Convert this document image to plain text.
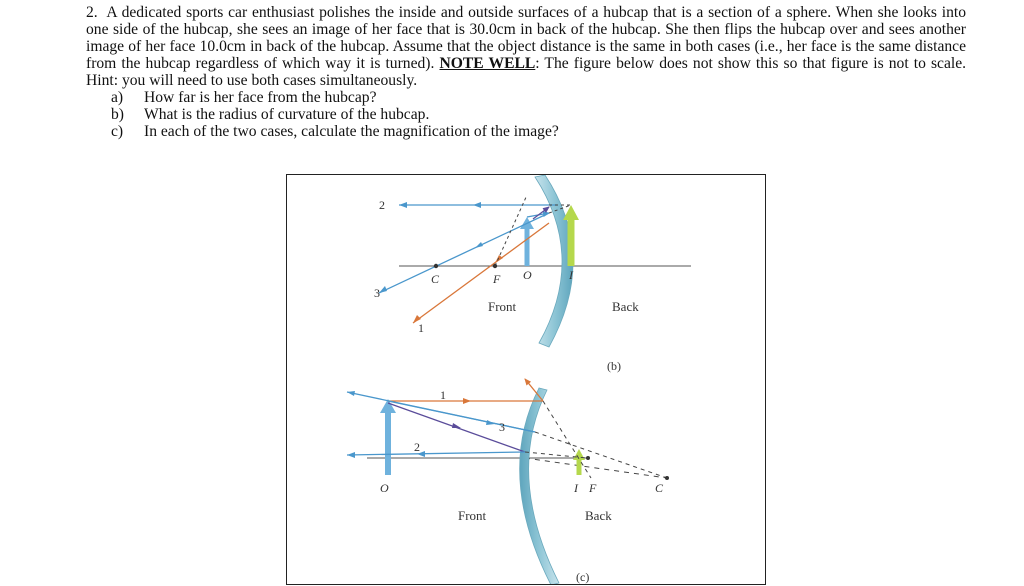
2. A dedicated sports car enthusiast polishes the inside and outside surfaces of a hubcap that is a section of a sphere. When she looks into one side of the hubcap, she sees an image of her face that is 30.0cm in back of the hubcap. She then flips the hubcap over and sees another image of her face 10.0cm in back of the hubcap. Assume that the object distance is the same in both cases (i.e., her face is the same distance from the hubcap regardless of which way it is turned). NOTE WELL: The figure below does not show this so that figure is not to scale. Hint: you will need to use both cases simultaneously.

a) How far is her face from the hubcap?
b) What is the radius of curvature of the hubcap.
c) In each of the two cases, calculate the magnification of the image?
2
3
1
C	F O	I
Front	Back
(b)
1
3
2
O	I F	C
Front	Back
(c)
